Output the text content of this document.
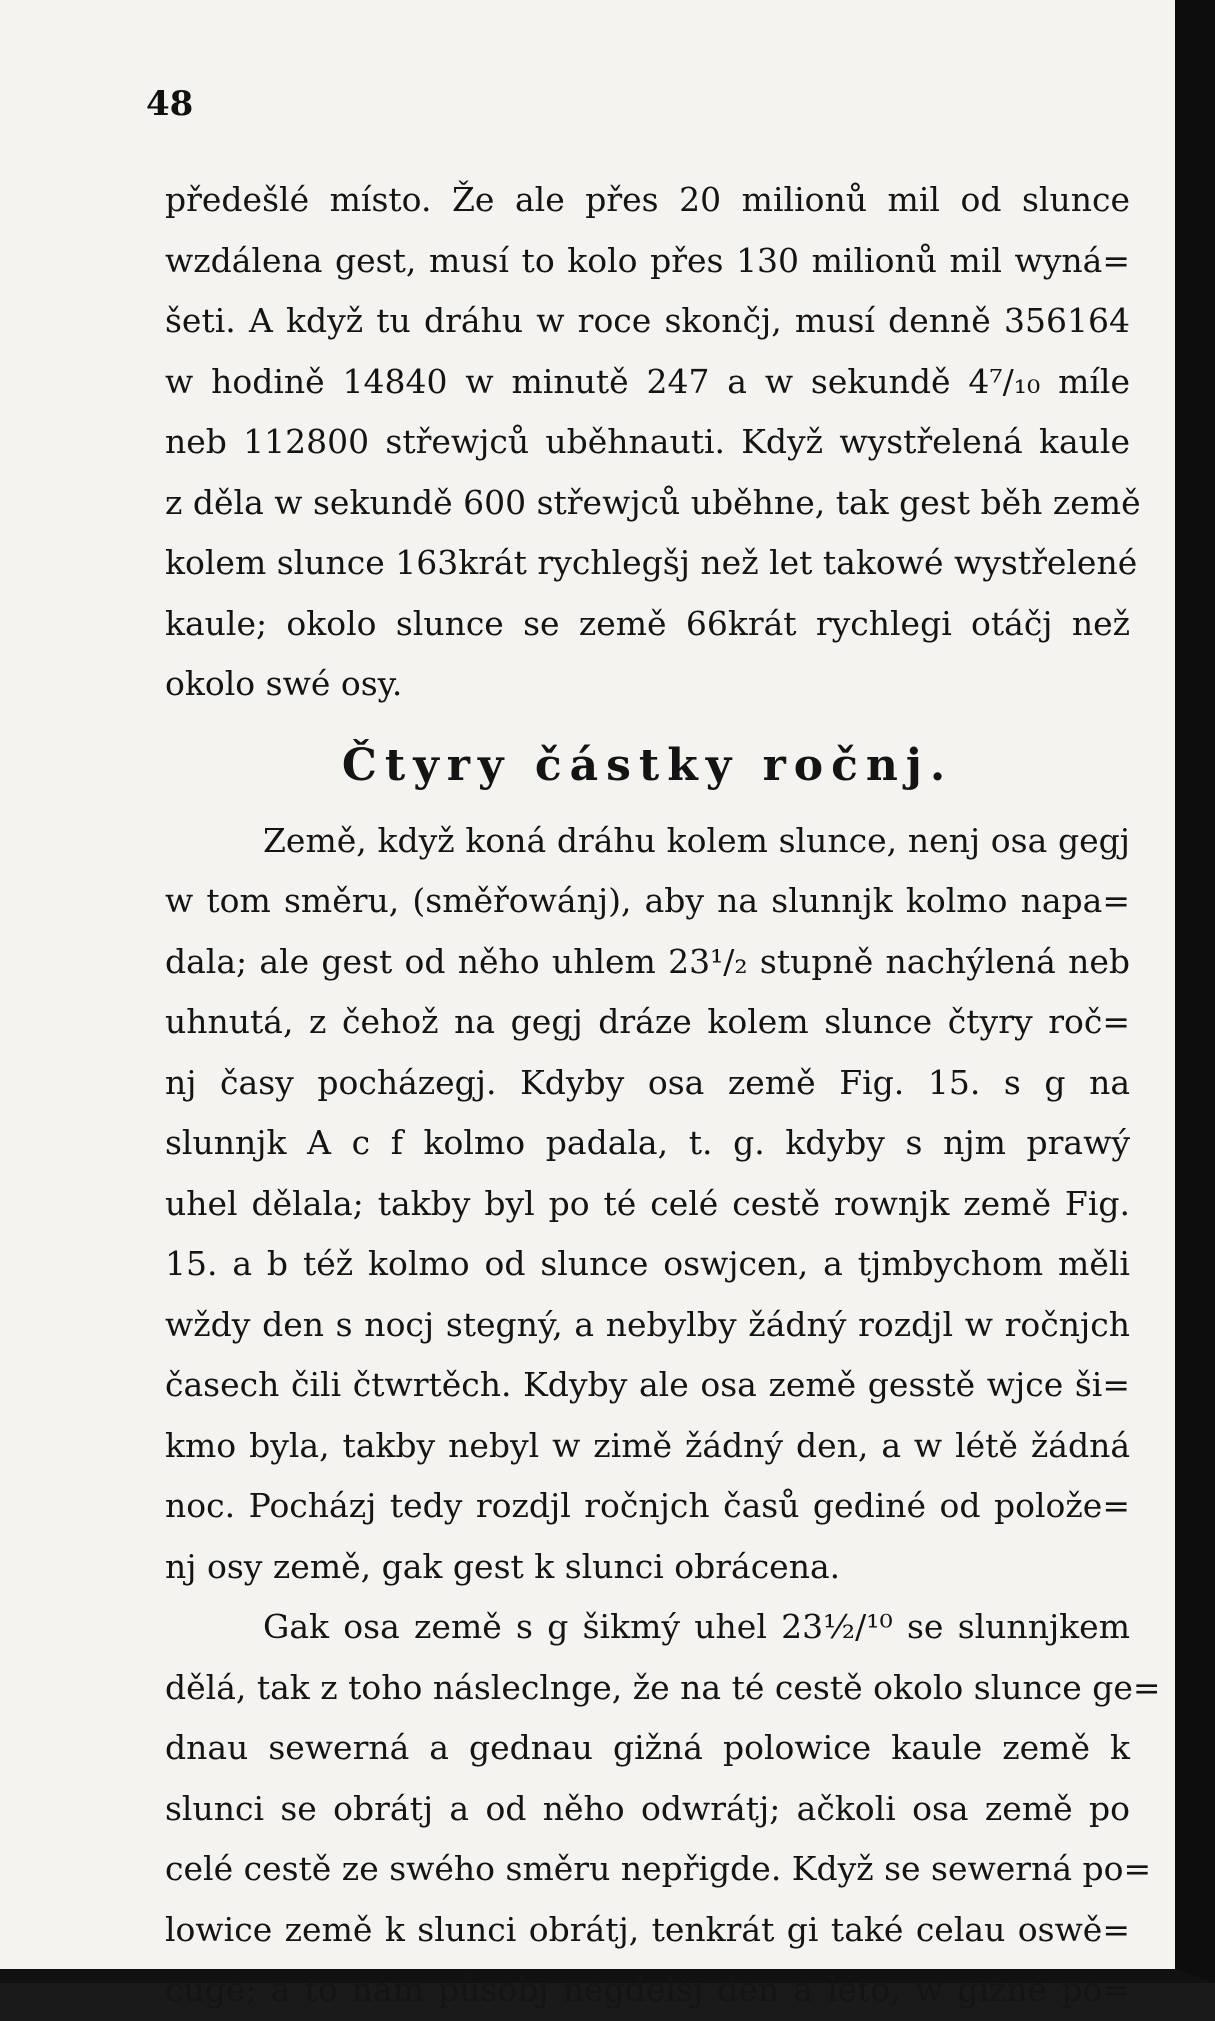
48
předešlé místo. Že ale přes 20 milionů mil od slunce
wzdálena gest, musí to kolo přes 130 milionů mil wyná=
šeti. A když tu dráhu w roce skončj, musí denně 356164
w hodině 14840 w minutě 247 a w sekundě 4⁷/₁₀ míle
neb 112800 střewjců uběhnauti. Když wystřelená kaule
z děla w sekundě 600 střewjců uběhne, tak gest běh země
kolem slunce 163krát rychlegšj než let takowé wystřelené
kaule; okolo slunce se země 66krát rychlegi otáčj než
okolo swé osy.
Čtyry částky ročnj.
Země, když koná dráhu kolem slunce, nenj osa gegj
w tom směru, (směřowánj), aby na slunnjk kolmo napa=
dala; ale gest od něho uhlem 23¹/₂ stupně nachýlená neb
uhnutá, z čehož na gegj dráze kolem slunce čtyry roč=
nj časy pocházegj. Kdyby osa země Fig. 15. s g na
slunnjk A c f kolmo padala, t. g. kdyby s njm prawý
uhel dělala; takby byl po té celé cestě rownjk země Fig.
15. a b též kolmo od slunce oswjcen, a tjmbychom měli
wždy den s nocj stegný, a nebylby žádný rozdjl w ročnjch
časech čili čtwrtěch. Kdyby ale osa země gesstě wjce ši=
kmo byla, takby nebyl w zimě žádný den, a w létě žádná
noc. Pocházj tedy rozdjl ročnjch časů gediné od polože=
nj osy země, gak gest k slunci obrácena.
Gak osa země s g šikmý uhel 23½/¹⁰ se slunnjkem
dělá, tak z toho násleclnge, že na té cestě okolo slunce ge=
dnau sewerná a gednau gižná polowice kaule země k
slunci se obrátj a od něho odwrátj; ačkoli osa země po
celé cestě ze swého směru nepřigde. Když se sewerná po=
lowice země k slunci obrátj, tenkrát gi také celau oswě=
cuge; a to nám působj negdelšj den a léto, w gižné po=
